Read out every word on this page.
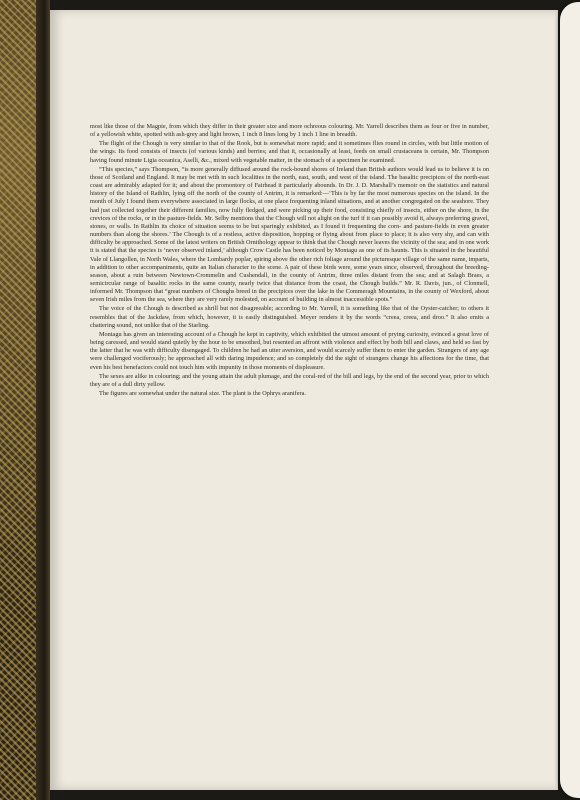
most like those of the Magpie, from which they differ in their greater size and more ochreous colouring. Mr. Yarrell describes them as four or five in number, of a yellowish white, spotted with ash-grey and light brown, 1 inch 8 lines long by 1 inch 1 line in breadth.

The flight of the Chough is very similar to that of the Rook, but is somewhat more rapid; and it sometimes flies round in circles, with but little motion of the wings. Its food consists of insects (of various kinds) and berries; and that it, occasionally at least, feeds on small crustaceans is certain, Mr. Thompson having found minute Ligia oceanica, Aselli, &c., mixed with vegetable matter, in the stomach of a specimen he examined.

“This species,” says Thompson, “is more generally diffused around the rock-bound shores of Ireland than British authors would lead us to believe it is on those of Scotland and England. It may be met with in such localities in the north, east, south, and west of the island. The basaltic precipices of the north-east coast are admirably adapted for it; and about the promontory of Fairhead it particularly abounds. In Dr. J. D. Marshall’s memoir on the statistics and natural history of the Island of Rathlin, lying off the north of the county of Antrim, it is remarked:—‘This is by far the most numerous species on the island. In the month of July I found them everywhere associated in large flocks, at one place frequenting inland situations, and at another congregated on the seashore. They had just collected together their different families, now fully fledged, and were picking up their food, consisting chiefly of insects, either on the shore, in the crevices of the rocks, or in the pasture-fields. Mr. Selby mentions that the Chough will not alight on the turf if it can possibly avoid it, always preferring gravel, stones, or walls. In Rathlin its choice of situation seems to be but sparingly exhibited, as I found it frequenting the corn- and pasture-fields in even greater numbers than along the shores.’ The Chough is of a restless, active disposition, hopping or flying about from place to place; it is also very shy, and can with difficulty be approached. Some of the latest writers on British Ornithology appear to think that the Chough never leaves the vicinity of the sea; and in one work it is stated that the species is ‘never observed inland,’ although Crow Castle has been noticed by Montagu as one of its haunts. This is situated in the beautiful Vale of Llangollen, in North Wales, where the Lombardy poplar, spiring above the other rich foliage around the picturesque village of the same name, imparts, in addition to other accompaniments, quite an Italian character to the scene. A pair of these birds were, some years since, observed, throughout the breeding-season, about a ruin between Newtown-Crommelin and Cushendall, in the county of Antrim, three miles distant from the sea; and at Salagh Braes, a semicircular range of basaltic rocks in the same county, nearly twice that distance from the coast, the Chough builds.” Mr. R. Davis, jun., of Clonmell, informed Mr. Thompson that “great numbers of Choughs breed in the precipices over the lake in the Commeragh Mountains, in the county of Wexford, about seven Irish miles from the sea, where they are very rarely molested, on account of building in almost inaccessible spots.”

The voice of the Chough is described as shrill but not disagreeable; according to Mr. Yarrell, it is something like that of the Oyster-catcher; to others it resembles that of the Jackdaw, from which, however, it is easily distinguished. Meyer renders it by the words “creea, creea, and droo.” It also emits a chattering sound, not unlike that of the Starling.

Montagu has given an interesting account of a Chough he kept in captivity, which exhibited the utmost amount of prying curiosity, evinced a great love of being caressed, and would stand quietly by the hour to be smoothed, but resented an affront with violence and effect by both bill and claws, and held so fast by the latter that he was with difficulty disengaged. To children he had an utter aversion, and would scarcely suffer them to enter the garden. Strangers of any age were challenged vociferously; he approached all with daring impudence; and so completely did the sight of strangers change his affections for the time, that even his best benefactors could not touch him with impunity in those moments of displeasure.

The sexes are alike in colouring; and the young attain the adult plumage, and the coral-red of the bill and legs, by the end of the second year, prior to which they are of a dull dirty yellow.

The figures are somewhat under the natural size. The plant is the Ophrys aranifera.
